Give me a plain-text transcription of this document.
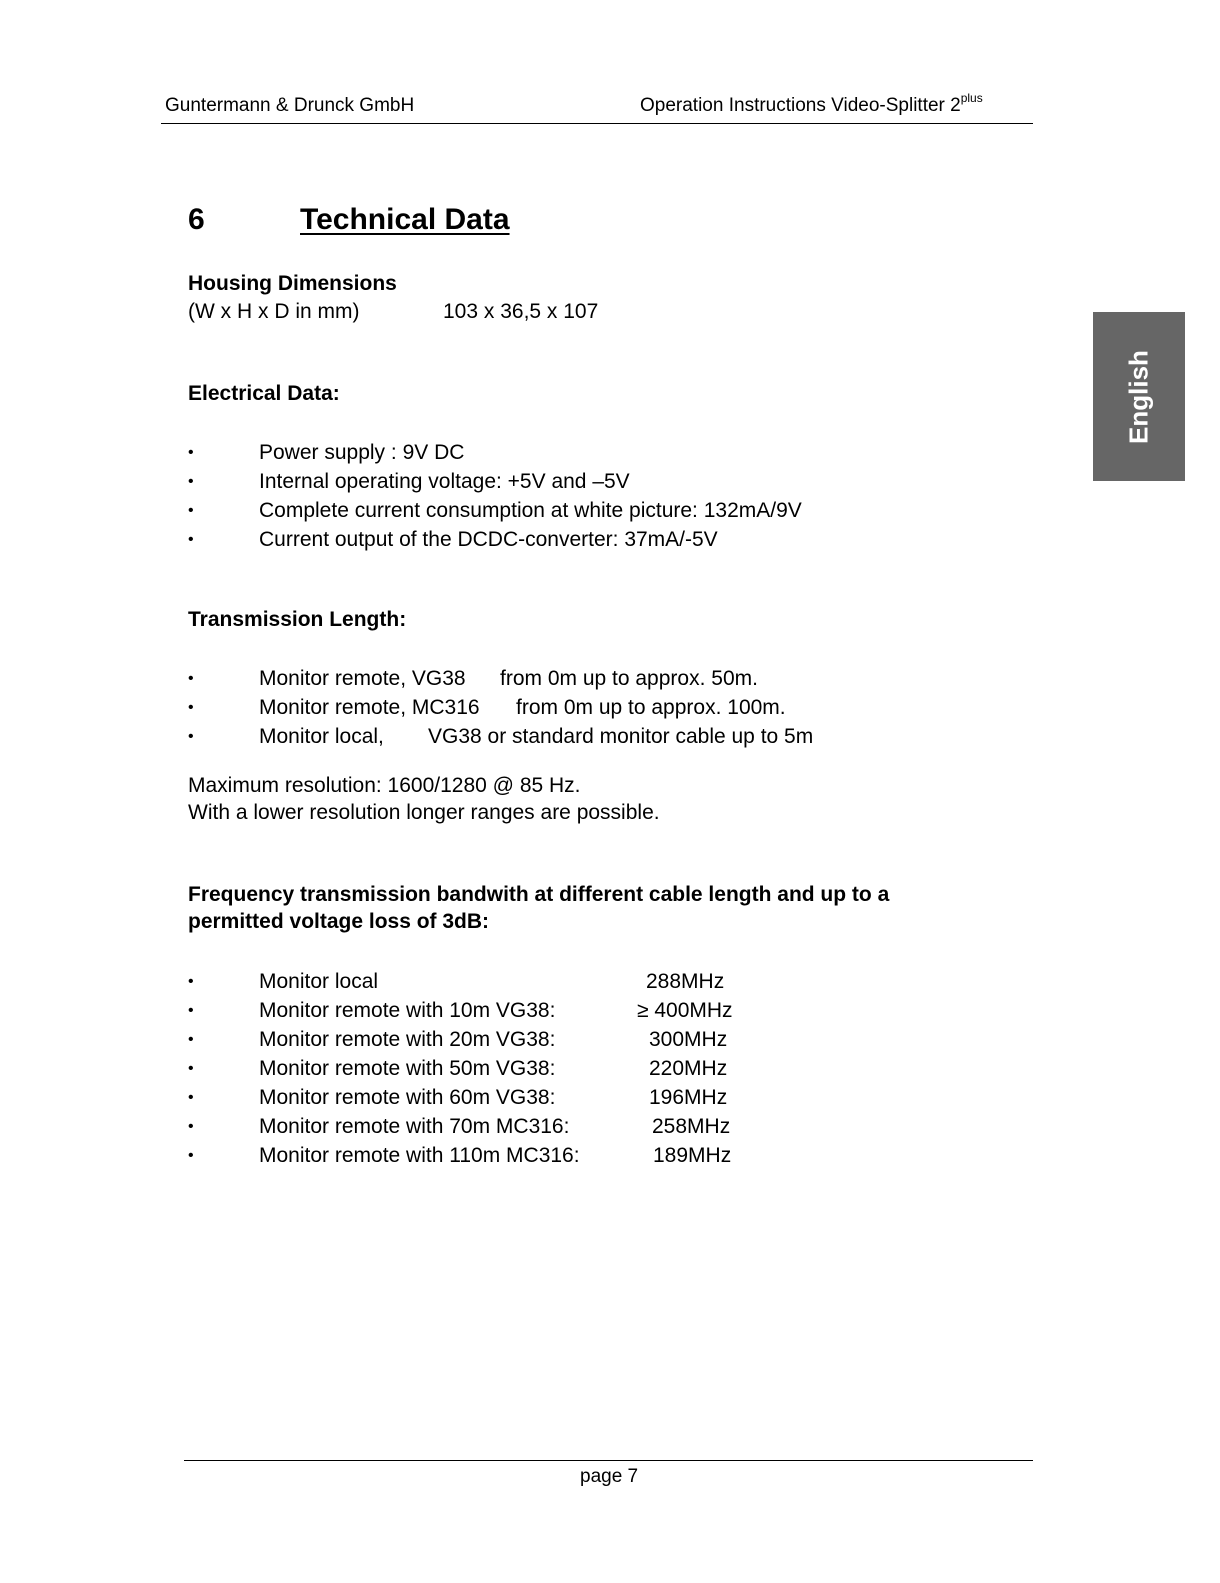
Guntermann & Drunck GmbH	Operation Instructions Video-Splitter $2^{plus}$
English
6	Technical Data
Housing Dimensions
(W x H x D in mm)	103 x 36,5 x 107
Electrical Data:
•	Power supply : 9V DC
•	Internal operating voltage: +5V and –5V
•	Complete current consumption at white picture: 132mA/9V
•	Current output of the DCDC-converter: 37mA/-5V
Transmission Length:
•	Monitor remote, VG38 from 0m up to approx. 50m.
•	Monitor remote, MC316 from 0m up to approx. 100m.
•	Monitor local, VG38 or standard monitor cable up to 5m
Maximum resolution: 1600/1280 @ 85 Hz.
With a lower resolution longer ranges are possible.
Frequency transmission bandwith at different cable length and up to a
permitted voltage loss of 3dB:
•	Monitor local	288MHz
•	Monitor remote with 10m VG38:	≥ 400MHz
•	Monitor remote with 20m VG38:	300MHz
•	Monitor remote with 50m VG38:	220MHz
•	Monitor remote with 60m VG38:	196MHz
•	Monitor remote with 70m MC316:	258MHz
•	Monitor remote with 110m MC316:	189MHz
page 7
